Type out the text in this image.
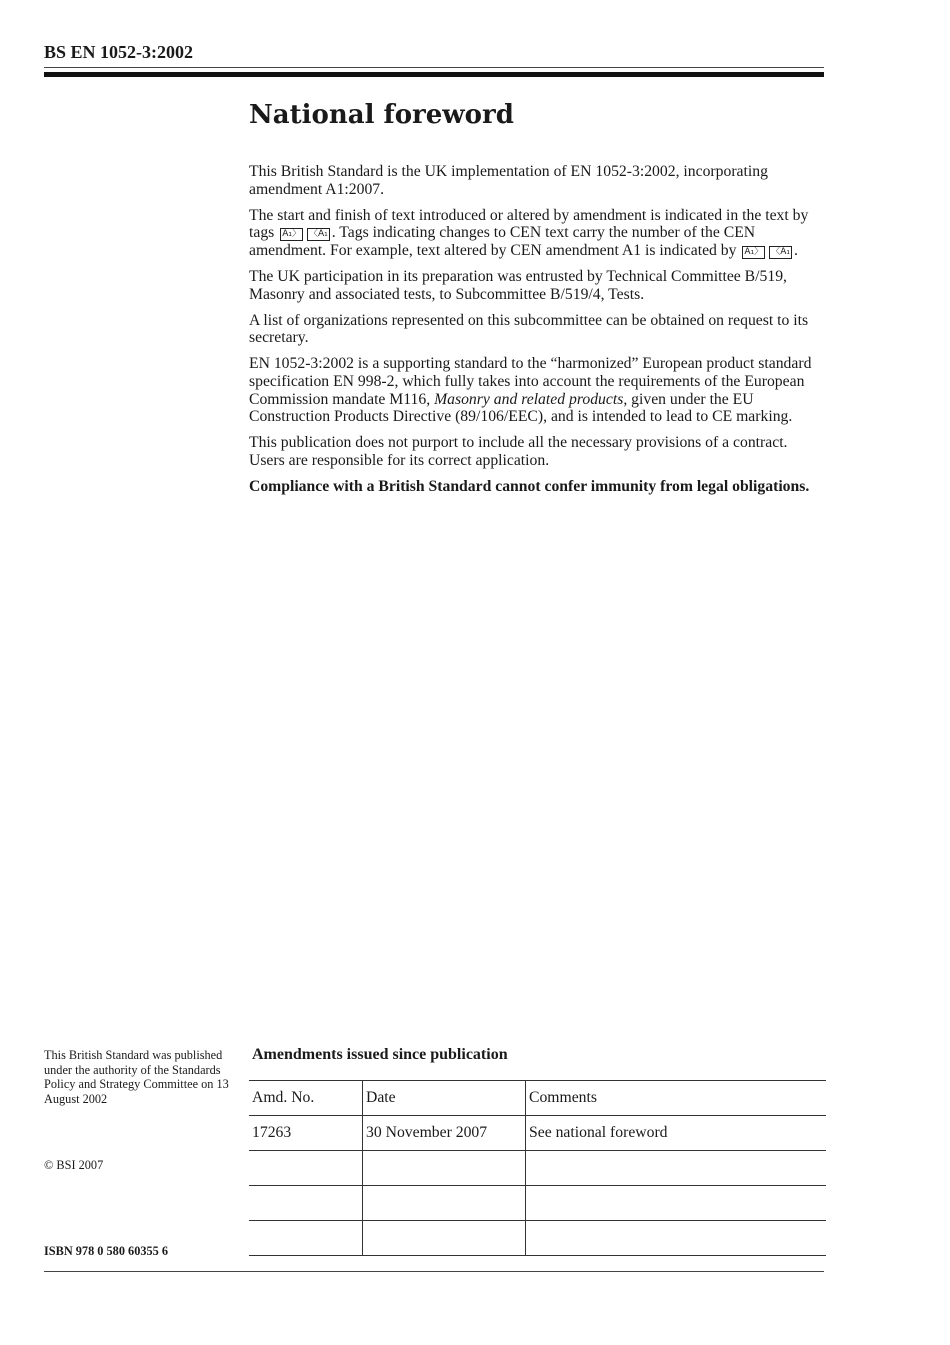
BS EN 1052-3:2002
National foreword

This British Standard is the UK implementation of EN 1052-3:2002, incorporating amendment A1:2007.

The start and finish of text introduced or altered by amendment is indicated in the text by tags A₁〉 〈A₁ . Tags indicating changes to CEN text carry the number of the CEN amendment. For example, text altered by CEN amendment A1 is indicated by A₁〉 〈A₁ .

The UK participation in its preparation was entrusted by Technical Committee B/519, Masonry and associated tests, to Subcommittee B/519/4, Tests.

A list of organizations represented on this subcommittee can be obtained on request to its secretary.

EN 1052-3:2002 is a supporting standard to the “harmonized” European product standard specification EN 998-2, which fully takes into account the requirements of the European Commission mandate M116, Masonry and related products, given under the EU Construction Products Directive (89/106/EEC), and is intended to lead to CE marking.

This publication does not purport to include all the necessary provisions of a contract. Users are responsible for its correct application.

Compliance with a British Standard cannot confer immunity from legal obligations.

This British Standard was published under the authority of the Standards Policy and Strategy Committee on 13 August 2002
© BSI 2007
ISBN 978 0 580 60355 6
Amendments issued since publication
Amd. No.	Date	Comments
17263	30 November 2007	See national foreword
